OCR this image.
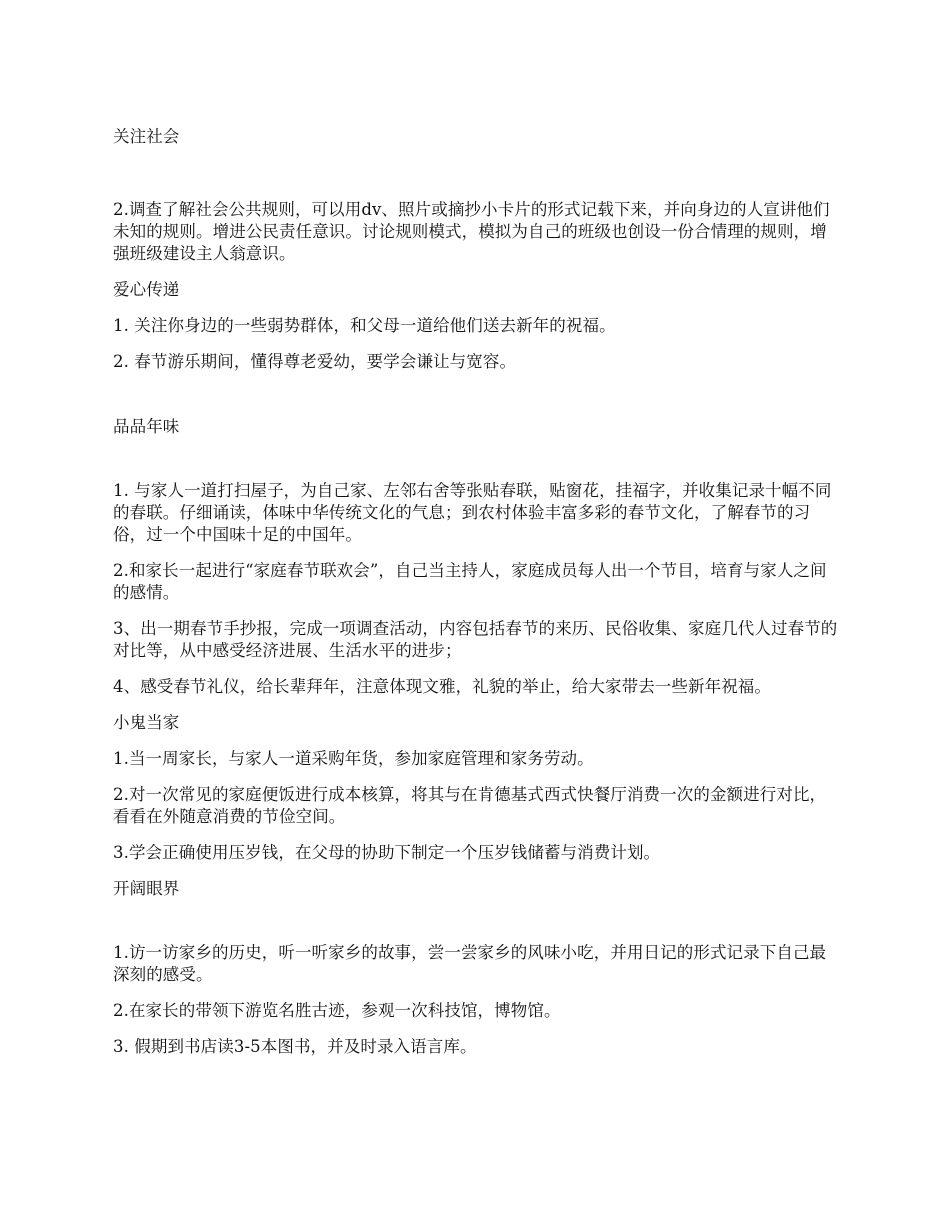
关注社会

2.调查了解社会公共规则，可以用dv、照片或摘抄小卡片的形式记载下来，并向身边的人宣讲他们未知的规则。增进公民责任意识。讨论规则模式，模拟为自己的班级也创设一份合情理的规则，增强班级建设主人翁意识。

爱心传递

1. 关注你身边的一些弱势群体，和父母一道给他们送去新年的祝福。

2. 春节游乐期间，懂得尊老爱幼，要学会谦让与宽容。

品品年味

1. 与家人一道打扫屋子，为自己家、左邻右舍等张贴春联，贴窗花，挂福字，并收集记录十幅不同的春联。仔细诵读，体味中华传统文化的气息；到农村体验丰富多彩的春节文化，了解春节的习俗，过一个中国味十足的中国年。

2.和家长一起进行“家庭春节联欢会”，自己当主持人，家庭成员每人出一个节目，培育与家人之间的感情。

3、出一期春节手抄报，完成一项调查活动，内容包括春节的来历、民俗收集、家庭几代人过春节的对比等，从中感受经济进展、生活水平的进步；

4、感受春节礼仪，给长辈拜年，注意体现文雅，礼貌的举止，给大家带去一些新年祝福。

小鬼当家

1.当一周家长，与家人一道采购年货，参加家庭管理和家务劳动。

2.对一次常见的家庭便饭进行成本核算，将其与在肯德基式西式快餐厅消费一次的金额进行对比，看看在外随意消费的节俭空间。

3.学会正确使用压岁钱，在父母的协助下制定一个压岁钱储蓄与消费计划。

开阔眼界

1.访一访家乡的历史，听一听家乡的故事，尝一尝家乡的风味小吃，并用日记的形式记录下自己最深刻的感受。

2.在家长的带领下游览名胜古迹，参观一次科技馆，博物馆。

3. 假期到书店读3-5本图书，并及时录入语言库。
